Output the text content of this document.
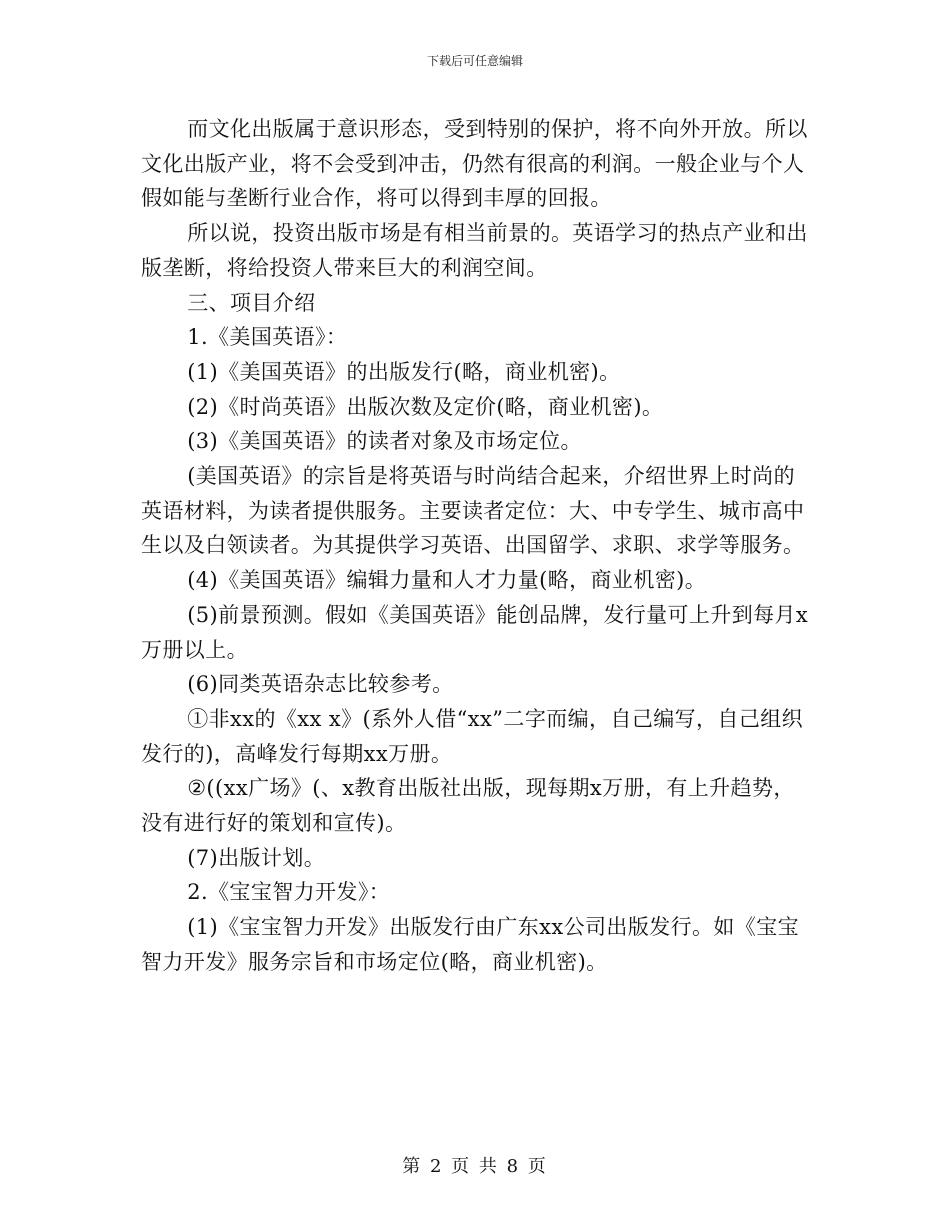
下载后可任意编辑

而文化出版属于意识形态，受到特别的保护，将不向外开放。所以文化出版产业，将不会受到冲击，仍然有很高的利润。一般企业与个人假如能与垄断行业合作，将可以得到丰厚的回报。

所以说，投资出版市场是有相当前景的。英语学习的热点产业和出版垄断，将给投资人带来巨大的利润空间。

三、项目介绍

1.《美国英语》：

(1)《美国英语》的出版发行(略，商业机密)。

(2)《时尚英语》出版次数及定价(略，商业机密)。

(3)《美国英语》的读者对象及市场定位。

(美国英语》的宗旨是将英语与时尚结合起来，介绍世界上时尚的英语材料，为读者提供服务。主要读者定位：大、中专学生、城市高中生以及白领读者。为其提供学习英语、出国留学、求职、求学等服务。

(4)《美国英语》编辑力量和人才力量(略，商业机密)。

(5)前景预测。假如《美国英语》能创品牌，发行量可上升到每月x万册以上。

(6)同类英语杂志比较参考。

①非xx的《xx x》(系外人借“xx”二字而编，自己编写，自己组织发行的)，高峰发行每期xx万册。

②((xx广场》(、x教育出版社出版，现每期x万册，有上升趋势，没有进行好的策划和宣传)。

(7)出版计划。

2.《宝宝智力开发》：

(1)《宝宝智力开发》出版发行由广东xx公司出版发行。如《宝宝智力开发》服务宗旨和市场定位(略，商业机密)。

第 2 页 共 8 页
